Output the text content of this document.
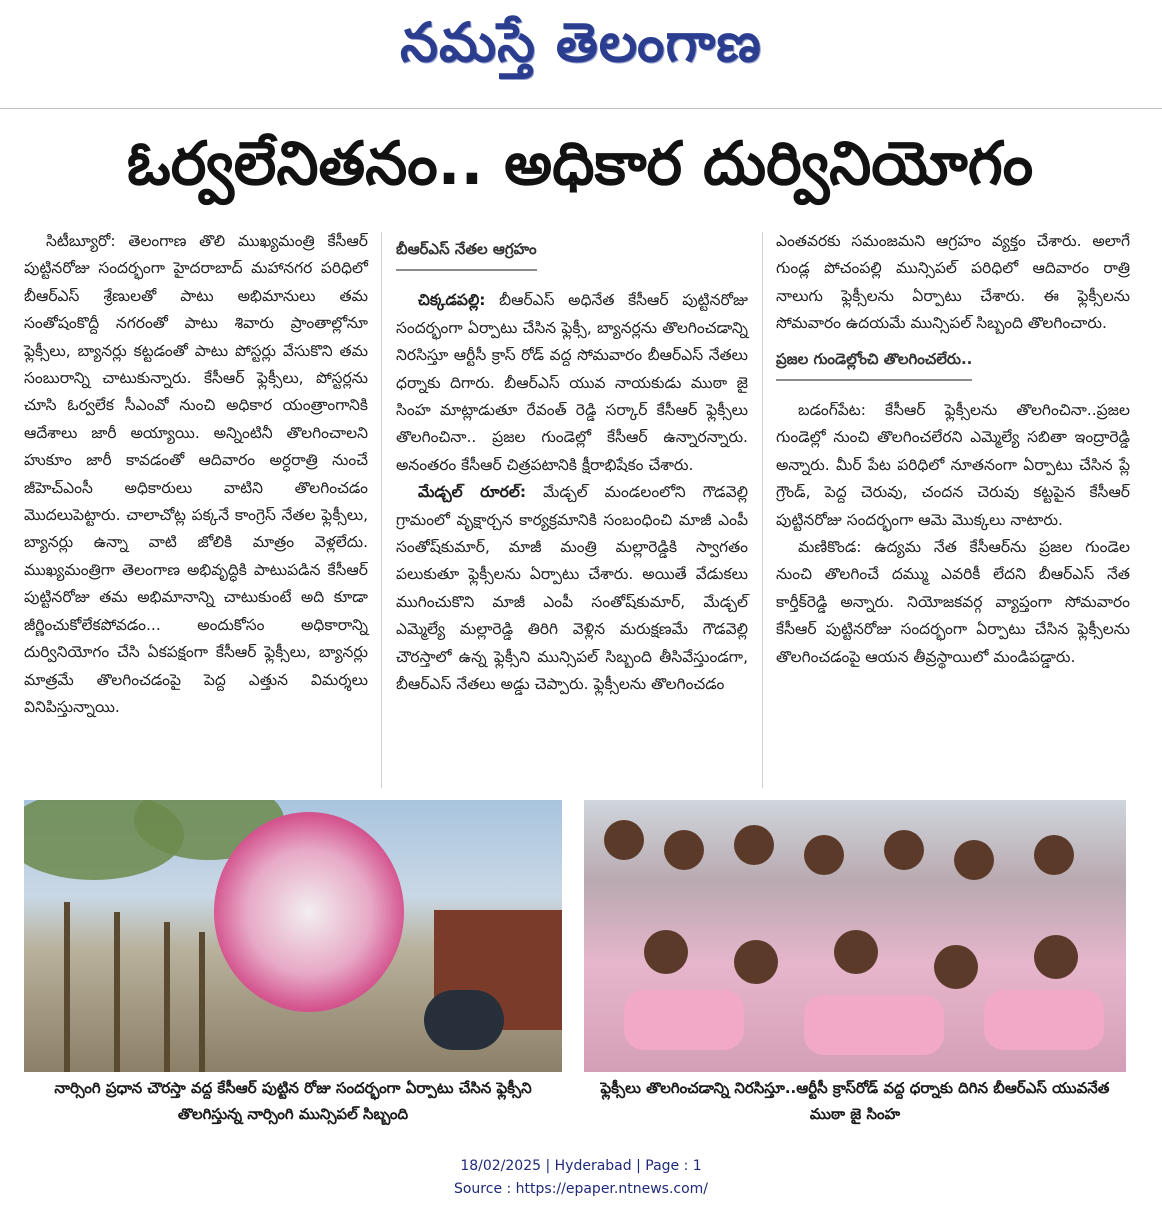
నమస్తే తెలంగాణ
ఓర్వలేనితనం.. అధికార దుర్వినియోగం

సిటీబ్యూరో: తెలంగాణ తొలి ముఖ్యమంత్రి కేసీఆర్ పుట్టినరోజు సందర్భంగా హైదరాబాద్ మహానగర పరిధిలో బీఆర్ఎస్ శ్రేణులతో పాటు అభిమానులు తమ సంతోషంకొద్దీ నగరంతో పాటు శివారు ప్రాంతాల్లోనూ ఫ్లెక్సీలు, బ్యానర్లు కట్టడంతో పాటు పోస్టర్లు వేసుకొని తమ సంబురాన్ని చాటుకున్నారు. కేసీఆర్ ఫ్లెక్సీలు, పోస్టర్లను చూసి ఓర్వలేక సీఎంవో నుంచి అధికార యంత్రాంగానికి ఆదేశాలు జారీ అయ్యాయి. అన్నింటినీ తొలగించాలని హుకూం జారీ కావడంతో ఆదివారం అర్ధరాత్రి నుంచే జీహెచ్ఎంసీ అధికారులు వాటిని తొలగించడం మొదలుపెట్టారు. చాలాచోట్ల పక్కనే కాంగ్రెస్ నేతల ఫ్లెక్సీలు, బ్యానర్లు ఉన్నా వాటి జోలికి మాత్రం వెళ్లలేదు. ముఖ్యమంత్రిగా తెలంగాణ అభివృద్ధికి పాటుపడిన కేసీఆర్ పుట్టినరోజు తమ అభిమానాన్ని చాటుకుంటే అది కూడా జీర్ణించుకోలేకపోవడం... అందుకోసం అధికారాన్ని దుర్వినియోగం చేసి ఏకపక్షంగా కేసీఆర్ ఫ్లెక్సీలు, బ్యానర్లు మాత్రమే తొలగించడంపై పెద్ద ఎత్తున విమర్శలు వినిపిస్తున్నాయి.

బీఆర్ఎస్ నేతల ఆగ్రహం

చిక్కడపల్లి: బీఆర్ఎస్ అధినేత కేసీఆర్ పుట్టినరోజు సందర్భంగా ఏర్పాటు చేసిన ఫ్లెక్సీ, బ్యానర్లను తొలగించడాన్ని నిరసిస్తూ ఆర్టీసీ క్రాస్ రోడ్ వద్ద సోమవారం బీఆర్ఎస్ నేతలు ధర్నాకు దిగారు. బీఆర్ఎస్ యువ నాయకుడు ముఠా జై సింహ మాట్లాడుతూ రేవంత్ రెడ్డి సర్కార్ కేసీఆర్ ఫ్లెక్సీలు తొలగించినా.. ప్రజల గుండెల్లో కేసీఆర్ ఉన్నారన్నారు. అనంతరం కేసీఆర్ చిత్రపటానికి క్షీరాభిషేకం చేశారు.

మేడ్చల్ రూరల్: మేడ్చల్ మండలంలోని గౌడవెల్లి గ్రామంలో వృక్షార్చన కార్యక్రమానికి సంబంధించి మాజీ ఎంపీ సంతోష్‌కుమార్, మాజీ మంత్రి మల్లారెడ్డికి స్వాగతం పలుకుతూ ఫ్లెక్సీలను ఏర్పాటు చేశారు. అయితే వేడుకలు ముగించుకొని మాజీ ఎంపీ సంతోష్‌కుమార్, మేడ్చల్ ఎమ్మెల్యే మల్లారెడ్డి తిరిగి వెళ్లిన మరుక్షణమే గౌడవెల్లి చౌరస్తాలో ఉన్న ఫ్లెక్సీని మున్సిపల్ సిబ్బంది తీసివేస్తుండగా, బీఆర్ఎస్ నేతలు అడ్డు చెప్పారు. ఫ్లెక్సీలను తొలగించడం

ఎంతవరకు సమంజమని ఆగ్రహం వ్యక్తం చేశారు. అలాగే గుండ్ల పోచంపల్లి మున్సిపల్ పరిధిలో ఆదివారం రాత్రి నాలుగు ఫ్లెక్సీలను ఏర్పాటు చేశారు. ఈ ఫ్లెక్సీలను సోమవారం ఉదయమే మున్సిపల్ సిబ్బంది తొలగించారు.

ప్రజల గుండెల్లోంచి తొలగించలేరు..

బడంగ్‌పేట: కేసీఆర్ ఫ్లెక్సీలను తొలగించినా..ప్రజల గుండెల్లో నుంచి తొలగించలేరని ఎమ్మెల్యే సబితా ఇంద్రారెడ్డి అన్నారు. మీర్ పేట పరిధిలో నూతనంగా ఏర్పాటు చేసిన ప్లే గ్రౌండ్, పెద్ద చెరువు, చందన చెరువు కట్టపైన కేసీఆర్ పుట్టినరోజు సందర్భంగా ఆమె మొక్కలు నాటారు.

మణికొండ: ఉద్యమ నేత కేసీఆర్‌ను ప్రజల గుండెల నుంచి తొలగించే దమ్ము ఎవరికీ లేదని బీఆర్ఎస్ నేత కార్తీక్‌రెడ్డి అన్నారు. నియోజకవర్గ వ్యాప్తంగా సోమవారం కేసీఆర్ పుట్టినరోజు సందర్భంగా ఏర్పాటు చేసిన ఫ్లెక్సీలను తొలగించడంపై ఆయన తీవ్రస్థాయిలో మండిపడ్డారు.

నార్సింగి ప్రధాన చౌరస్తా వద్ద కేసీఆర్ పుట్టిన రోజు సందర్భంగా ఏర్పాటు చేసిన ఫ్లెక్సీని తొలగిస్తున్న నార్సింగి మున్సిపల్ సిబ్బంది
ఫ్లెక్సీలు తొలగించడాన్ని నిరసిస్తూ..ఆర్టీసీ క్రాస్‌రోడ్ వద్ద ధర్నాకు దిగిన బీఆర్ఎస్ యువనేత ముఠా జై సింహ
18/02/2025 | Hyderabad | Page : 1
Source : https://epaper.ntnews.com/
